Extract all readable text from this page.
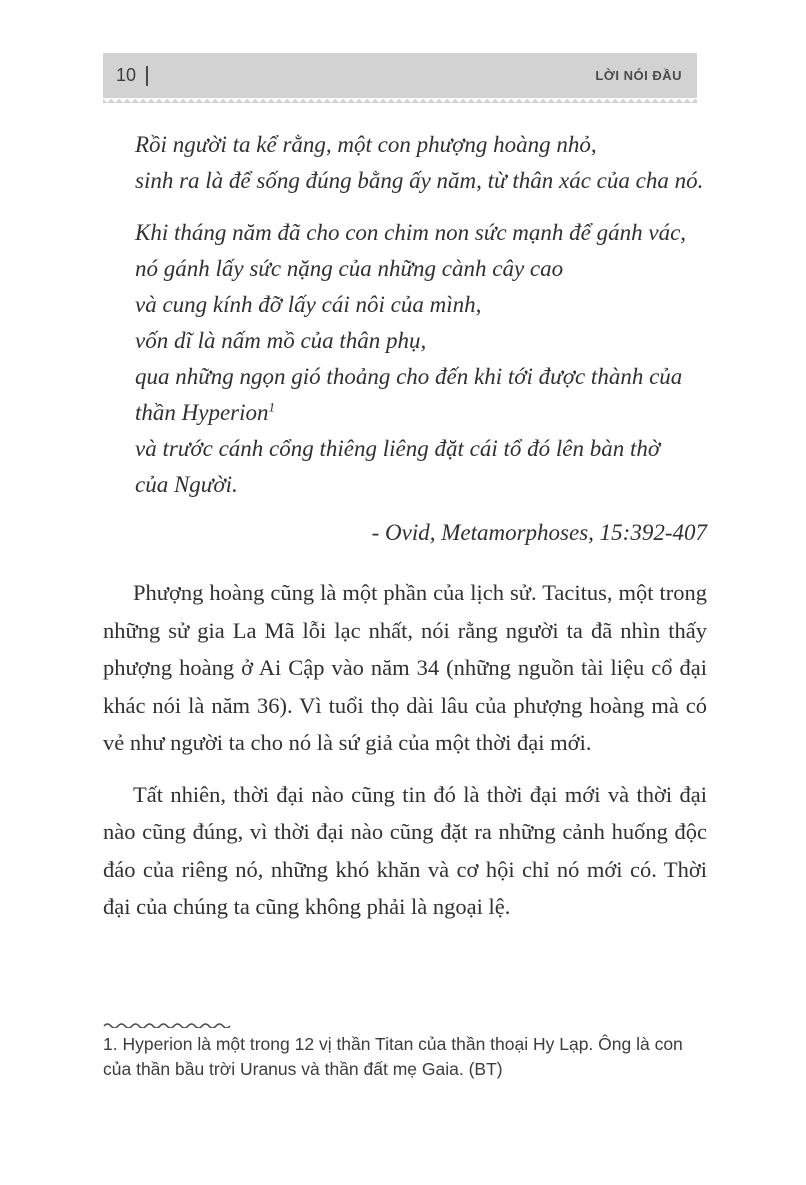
10	LỜI NÓI ĐẦU
Rồi người ta kể rằng, một con phượng hoàng nhỏ,
sinh ra là để sống đúng bằng ấy năm, từ thân xác của cha nó.
Khi tháng năm đã cho con chim non sức mạnh để gánh vác,
nó gánh lấy sức nặng của những cành cây cao
và cung kính đỡ lấy cái nôi của mình,
vốn dĩ là nấm mồ của thân phụ,
qua những ngọn gió thoảng cho đến khi tới được thành của
thần Hyperion$^1$
và trước cánh cổng thiêng liêng đặt cái tổ đó lên bàn thờ
của Người.
- Ovid, Metamorphoses, 15:392-407

Phượng hoàng cũng là một phần của lịch sử. Tacitus, một trong những sử gia La Mã lỗi lạc nhất, nói rằng người ta đã nhìn thấy phượng hoàng ở Ai Cập vào năm 34 (những nguồn tài liệu cổ đại khác nói là năm 36). Vì tuổi thọ dài lâu của phượng hoàng mà có vẻ như người ta cho nó là sứ giả của một thời đại mới.

Tất nhiên, thời đại nào cũng tin đó là thời đại mới và thời đại nào cũng đúng, vì thời đại nào cũng đặt ra những cảnh huống độc đáo của riêng nó, những khó khăn và cơ hội chỉ nó mới có. Thời đại của chúng ta cũng không phải là ngoại lệ.

1. Hyperion là một trong 12 vị thần Titan của thần thoại Hy Lạp. Ông là con của thần bầu trời Uranus và thần đất mẹ Gaia. (BT)
